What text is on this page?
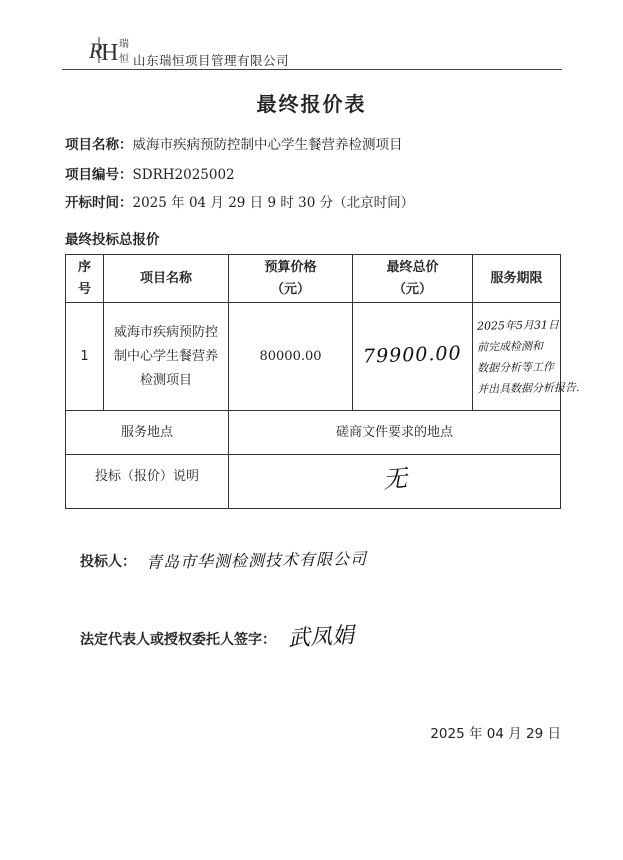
R
H 瑞
恒 山东瑞恒项目管理有限公司
最终报价表
项目名称：威海市疾病预防控制中心学生餐营养检测项目
项目编号：SDRH2025002
开标时间：2025 年 04 月 29 日 9 时 30 分（北京时间）
最终投标总报价
序号	项目名称	预算价格（元）	最终总价（元）	服务期限
1	威海市疾病预防控制中心学生餐营养检测项目	80000.00	79900.00	2025年5月31日
前完成检测和
数据分析等工作
并出具数据分析报告.

服务地点		磋商文件要求的地点		
投标（报价）说明		无		
投标人： 青岛市华测检测技术有限公司
法定代表人或授权委托人签字： 武凤娟
2025 年 04 月 29 日
